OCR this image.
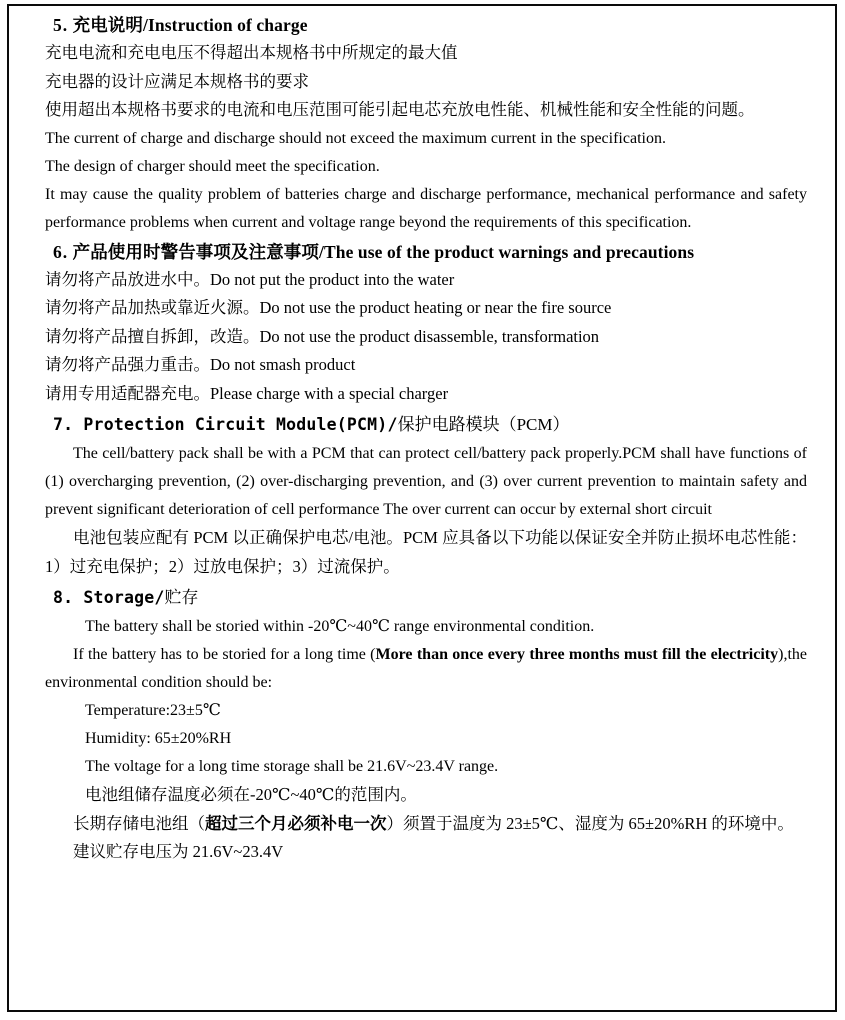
5. 充电说明/Instruction of charge

充电电流和充电电压不得超出本规格书中所规定的最大值

充电器的设计应满足本规格书的要求

使用超出本规格书要求的电流和电压范围可能引起电芯充放电性能、机械性能和安全性能的问题。

The current of charge and discharge should not exceed the maximum current in the specification.

The design of charger should meet the specification.

It may cause the quality problem of batteries charge and discharge performance, mechanical performance and safety performance problems when current and voltage range beyond the requirements of this specification.

6. 产品使用时警告事项及注意事项/The use of the product warnings and precautions

请勿将产品放进水中。Do not put the product into the water

请勿将产品加热或靠近火源。Do not use the product heating or near the fire source

请勿将产品擅自拆卸，改造。Do not use the product disassemble, transformation

请勿将产品强力重击。Do not smash product

请用专用适配器充电。Please charge with a special charger

7. Protection Circuit Module(PCM)/保护电路模块（PCM）

The cell/battery pack shall be with a PCM that can protect cell/battery pack properly.PCM shall have functions of (1) overcharging prevention, (2) over-discharging prevention, and (3) over current prevention to maintain safety and prevent significant deterioration of cell performance The over current can occur by external short circuit

电池包装应配有 PCM 以正确保护电芯/电池。PCM 应具备以下功能以保证安全并防止损坏电芯性能：1）过充电保护；2）过放电保护；3）过流保护。

8. Storage/贮存

The battery shall be storied within -20℃~40℃ range environmental condition.

If the battery has to be storied for a long time (More than once every three months must fill the electricity),the environmental condition should be:

Temperature:23±5℃

Humidity: 65±20%RH

The voltage for a long time storage shall be 21.6V~23.4V range.

电池组储存温度必须在-20℃~40℃的范围内。

长期存储电池组（超过三个月必须补电一次）须置于温度为 23±5℃、湿度为 65±20%RH 的环境中。

建议贮存电压为 21.6V~23.4V
